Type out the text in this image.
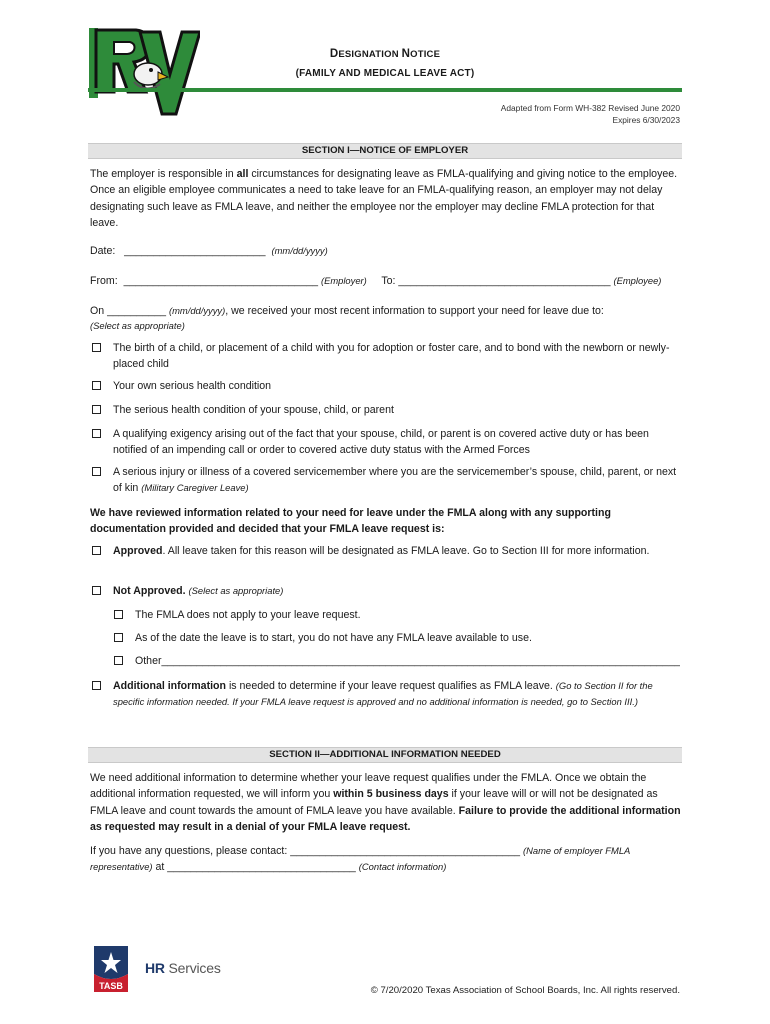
DESIGNATION NOTICE
(FAMILY AND MEDICAL LEAVE ACT)
Adapted from Form WH-382 Revised June 2020
Expires 6/30/2023
SECTION I—NOTICE OF EMPLOYER
The employer is responsible in all circumstances for designating leave as FMLA-qualifying and giving notice to the employee. Once an eligible employee communicates a need to take leave for an FMLA-qualifying reason, an employer may not delay designating such leave as FMLA leave, and neither the employee nor the employer may decline FMLA protection for that leave.
Date: ________________________ (mm/dd/yyyy)
From: _________________________________ (Employer) To: ____________________________________ (Employee)
On __________ (mm/dd/yyyy), we received your most recent information to support your need for leave due to:
(Select as appropriate)
The birth of a child, or placement of a child with you for adoption or foster care, and to bond with the newborn or newly-placed child
Your own serious health condition
The serious health condition of your spouse, child, or parent
A qualifying exigency arising out of the fact that your spouse, child, or parent is on covered active duty or has been notified of an impending call or order to covered active duty status with the Armed Forces
A serious injury or illness of a covered servicemember where you are the servicemember’s spouse, child, parent, or next of kin (Military Caregiver Leave)
We have reviewed information related to your need for leave under the FMLA along with any supporting documentation provided and decided that your FMLA leave request is:
Approved. All leave taken for this reason will be designated as FMLA leave. Go to Section III for more information.
Not Approved. (Select as appropriate)
The FMLA does not apply to your leave request.
As of the date the leave is to start, you do not have any FMLA leave available to use.
Other________________________________________________________________________________________
Additional information is needed to determine if your leave request qualifies as FMLA leave. (Go to Section II for the specific information needed. If your FMLA leave request is approved and no additional information is needed, go to Section III.)
SECTION II—ADDITIONAL INFORMATION NEEDED
We need additional information to determine whether your leave request qualifies under the FMLA. Once we obtain the additional information requested, we will inform you within 5 business days if your leave will or will not be designated as FMLA leave and count towards the amount of FMLA leave you have available. Failure to provide the additional information as requested may result in a denial of your FMLA leave request.
If you have any questions, please contact: _______________________________________ (Name of employer FMLA representative) at ________________________________ (Contact information)
TASB
HR Services
© 7/20/2020 Texas Association of School Boards, Inc. All rights reserved.
